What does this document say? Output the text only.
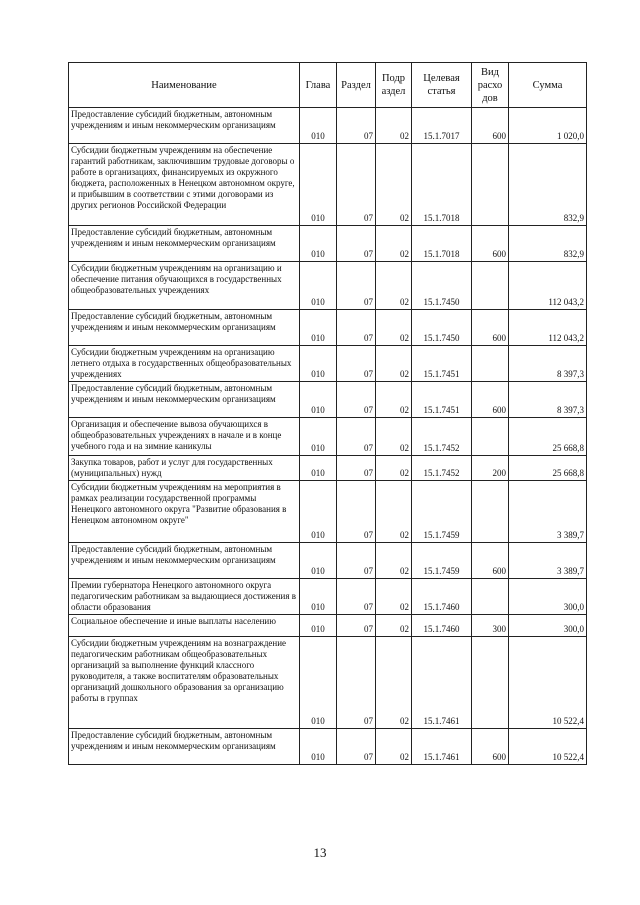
Наименование	Глава	Раздел	Подр аздел	Целевая статья	Вид расхо дов	Сумма
Предоставление субсидий бюджетным, автономным учреждениям и иным некоммерческим организациям	010	07	02	15.1.7017	600	1 020,0
Субсидии бюджетным учреждениям на обеспечение гарантий работникам, заключившим трудовые договоры о работе в организациях, финансируемых из окружного бюджета, расположенных в Ненецком автономном округе, и прибывшим в соответствии с этими договорами из других регионов Российской Федерации	010	07	02	15.1.7018		832,9
Предоставление субсидий бюджетным, автономным учреждениям и иным некоммерческим организациям	010	07	02	15.1.7018	600	832,9
Субсидии бюджетным учреждениям на организацию и обеспечение питания обучающихся в государственных общеобразовательных учреждениях	010	07	02	15.1.7450		112 043,2
Предоставление субсидий бюджетным, автономным учреждениям и иным некоммерческим организациям	010	07	02	15.1.7450	600	112 043,2
Субсидии бюджетным учреждениям на организацию летнего отдыха в государственных общеобразовательных учреждениях	010	07	02	15.1.7451		8 397,3
Предоставление субсидий бюджетным, автономным учреждениям и иным некоммерческим организациям	010	07	02	15.1.7451	600	8 397,3
Организация и обеспечение вывоза обучающихся в общеобразовательных учреждениях в начале и в конце учебного года и на зимние каникулы	010	07	02	15.1.7452		25 668,8
Закупка товаров, работ и услуг для государственных (муниципальных) нужд	010	07	02	15.1.7452	200	25 668,8
Субсидии бюджетным учреждениям на мероприятия в рамках реализации государственной программы Ненецкого автономного округа "Развитие образования в Ненецком автономном округе"	010	07	02	15.1.7459		3 389,7
Предоставление субсидий бюджетным, автономным учреждениям и иным некоммерческим организациям	010	07	02	15.1.7459	600	3 389,7
Премии губернатора Ненецкого автономного округа педагогическим работникам за выдающиеся достижения в области образования	010	07	02	15.1.7460		300,0
Социальное обеспечение и иные выплаты населению	010	07	02	15.1.7460	300	300,0
Субсидии бюджетным учреждениям на вознаграждение педагогическим работникам общеобразовательных организаций за выполнение функций классного руководителя, а также воспитателям образовательных организаций дошкольного образования за организацию работы в группах	010	07	02	15.1.7461		10 522,4
Предоставление субсидий бюджетным, автономным учреждениям и иным некоммерческим организациям	010	07	02	15.1.7461	600	10 522,4
13
